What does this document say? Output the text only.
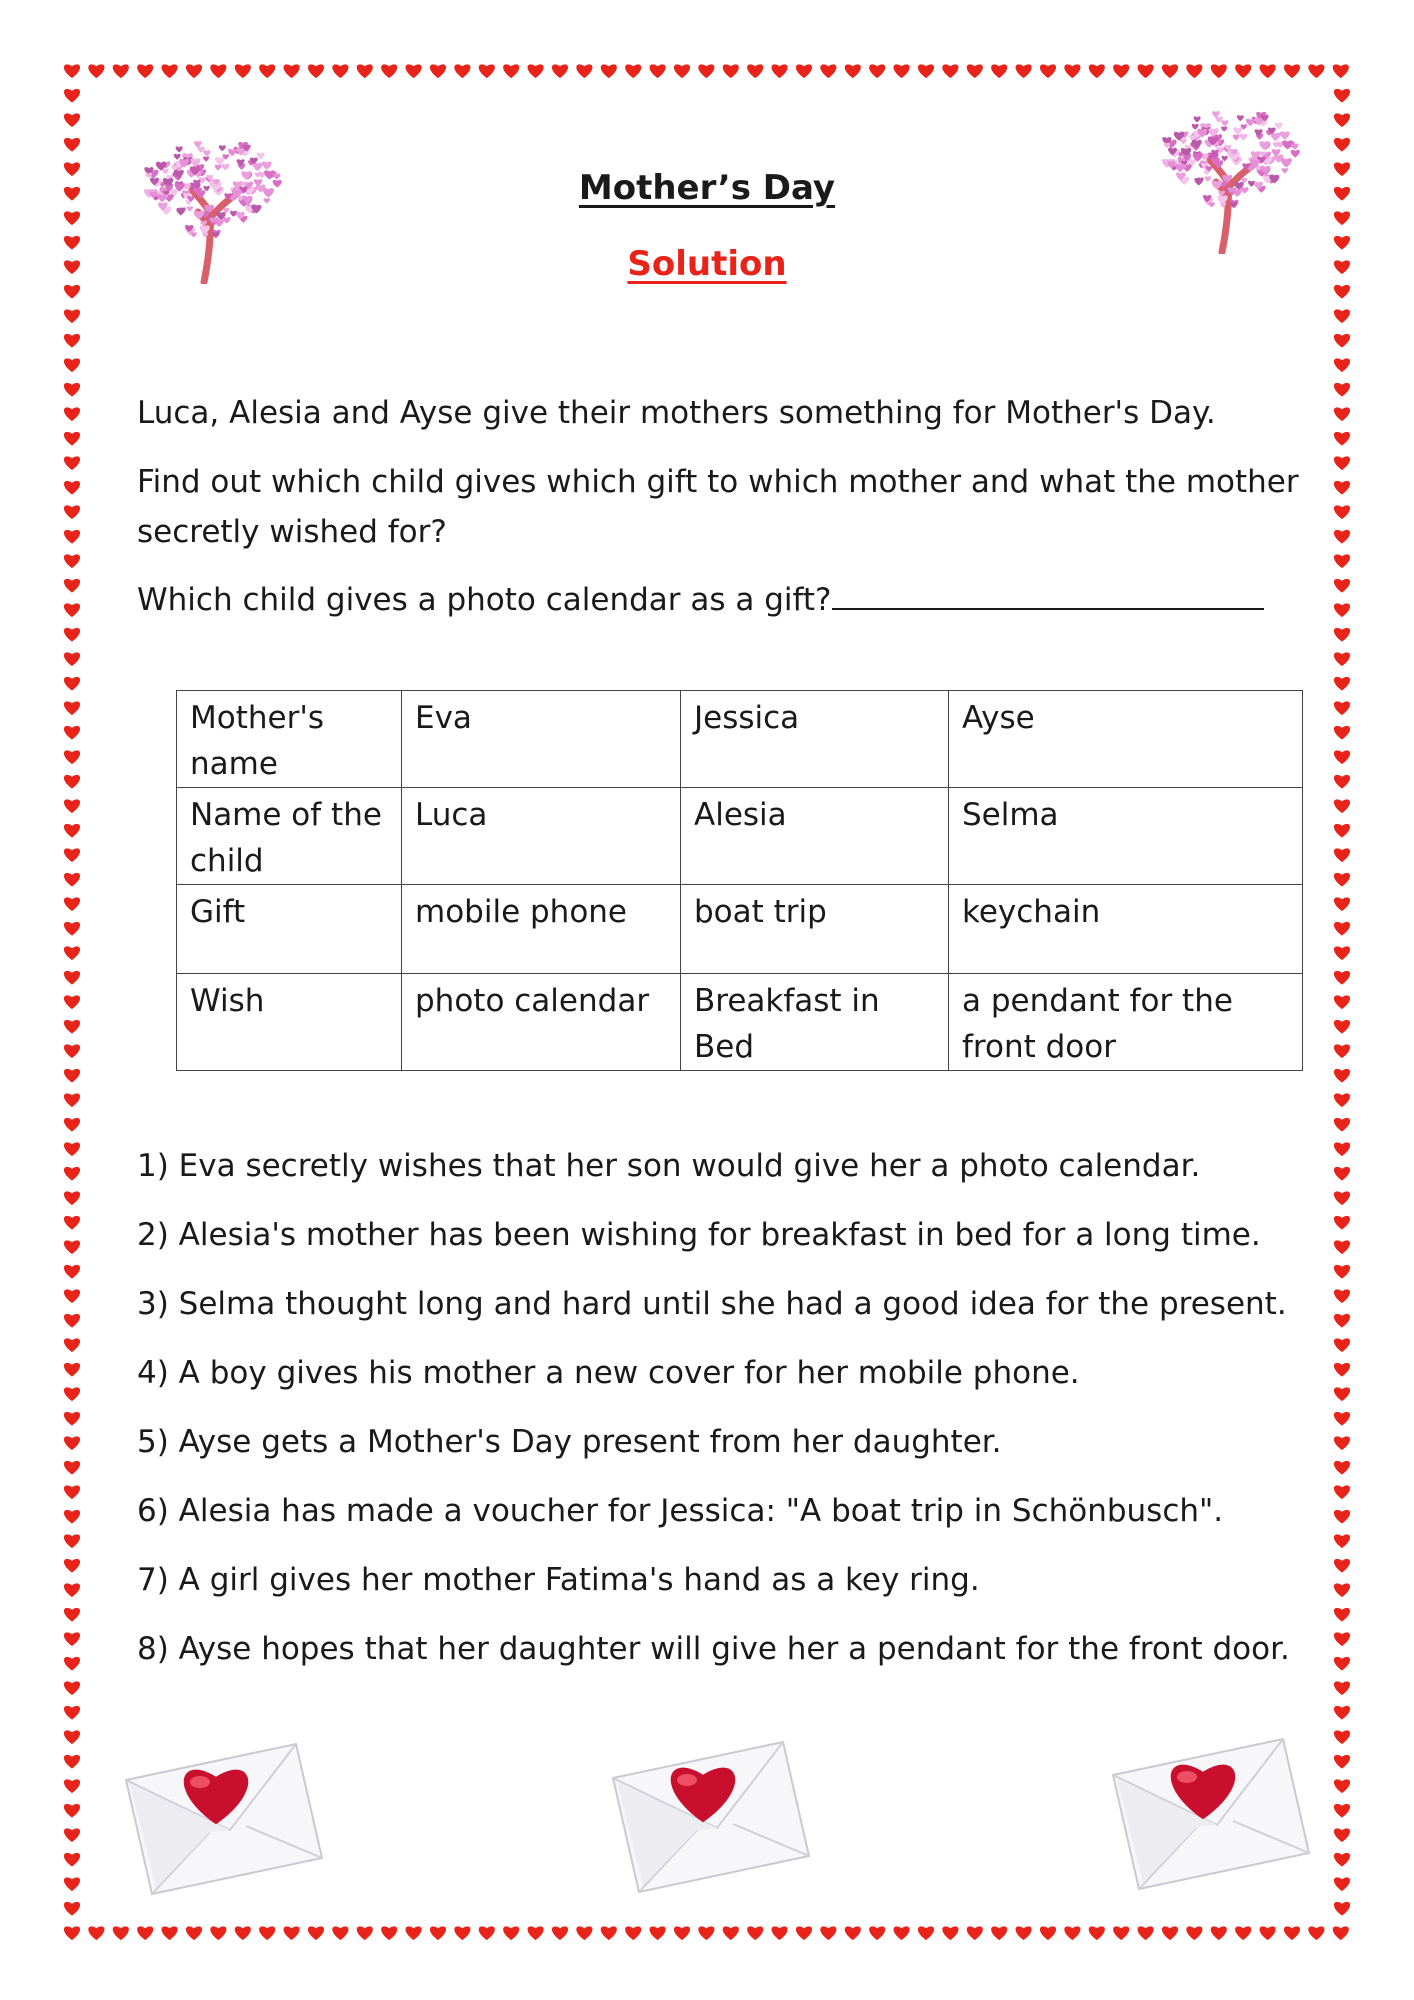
Mother’s Day
Solution

Luca, Alesia and Ayse give their mothers something for Mother's Day.

Find out which child gives which gift to which mother and what the mother secretly wished for?

Which child gives a photo calendar as a gift?

Mother's name	Eva	Jessica	Ayse
Name of the child	Luca	Alesia	Selma
Gift	mobile phone	boat trip	keychain
Wish	photo calendar	Breakfast in Bed	a pendant for the front door
1) Eva secretly wishes that her son would give her a photo calendar.
2) Alesia's mother has been wishing for breakfast in bed for a long time.
3) Selma thought long and hard until she had a good idea for the present.
4) A boy gives his mother a new cover for her mobile phone.
5) Ayse gets a Mother's Day present from her daughter.
6) Alesia has made a voucher for Jessica: "A boat trip in Schönbusch".
7) A girl gives her mother Fatima's hand as a key ring.
8) Ayse hopes that her daughter will give her a pendant for the front door.
